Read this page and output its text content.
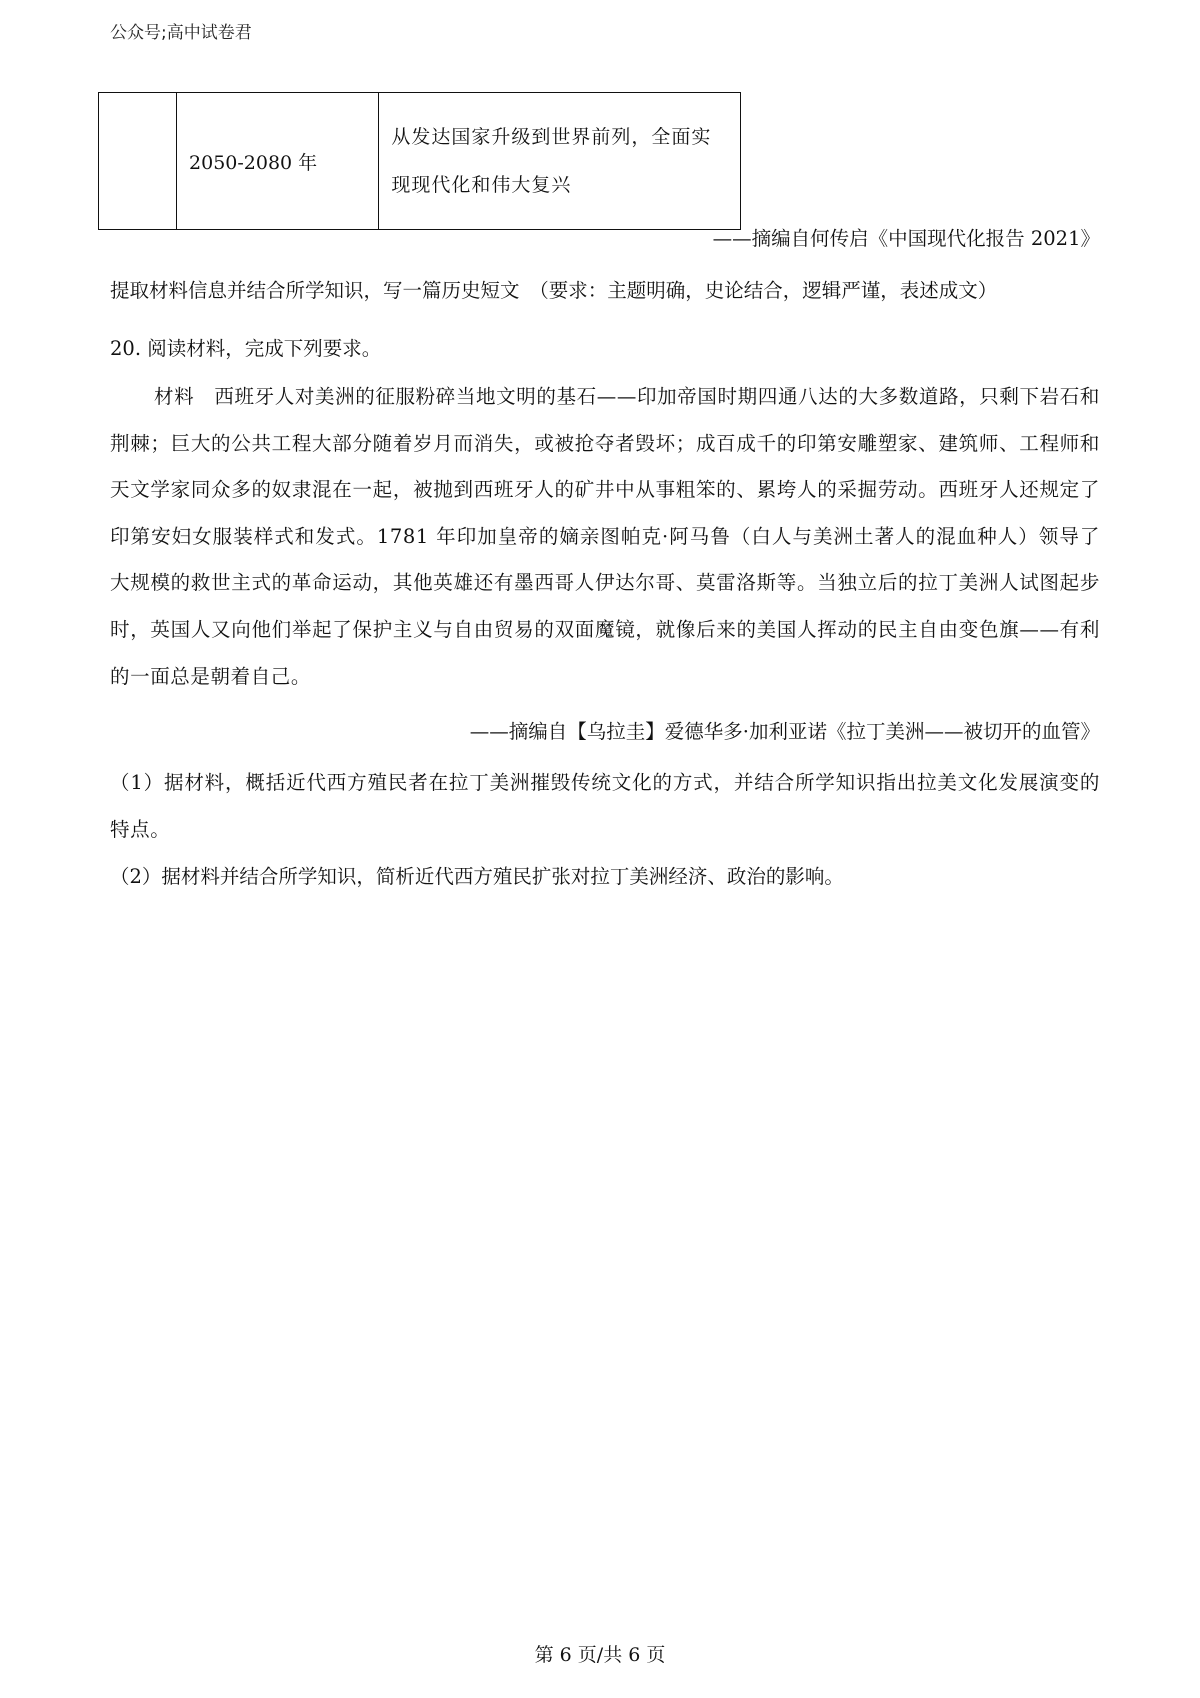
公众号;高中试卷君
	2050-2080 年	从发达国家升级到世界前列，全面实现现代化和伟大复兴
——摘编自何传启《中国现代化报告 2021》
提取材料信息并结合所学知识，写一篇历史短文　（要求：主题明确，史论结合，逻辑严谨，表述成文）
20. 阅读材料，完成下列要求。
材料 西班牙人对美洲的征服粉碎当地文明的基石——印加帝国时期四通八达的大多数道路，只剩下岩石和荆棘；巨大的公共工程大部分随着岁月而消失，或被抢夺者毁坏；成百成千的印第安雕塑家、建筑师、工程师和天文学家同众多的奴隶混在一起，被抛到西班牙人的矿井中从事粗笨的、累垮人的采掘劳动。西班牙人还规定了印第安妇女服装样式和发式。1781 年印加皇帝的嫡亲图帕克·阿马鲁（白人与美洲土著人的混血种人）领导了大规模的救世主式的革命运动，其他英雄还有墨西哥人伊达尔哥、莫雷洛斯等。当独立后的拉丁美洲人试图起步时，英国人又向他们举起了保护主义与自由贸易的双面魔镜，就像后来的美国人挥动的民主自由变色旗——有利的一面总是朝着自己。
——摘编自【乌拉圭】爱德华多·加利亚诺《拉丁美洲——被切开的血管》
（1）据材料，概括近代西方殖民者在拉丁美洲摧毁传统文化的方式，并结合所学知识指出拉美文化发展演变的特点。
（2）据材料并结合所学知识，简析近代西方殖民扩张对拉丁美洲经济、政治的影响。
第 6 页/共 6 页
